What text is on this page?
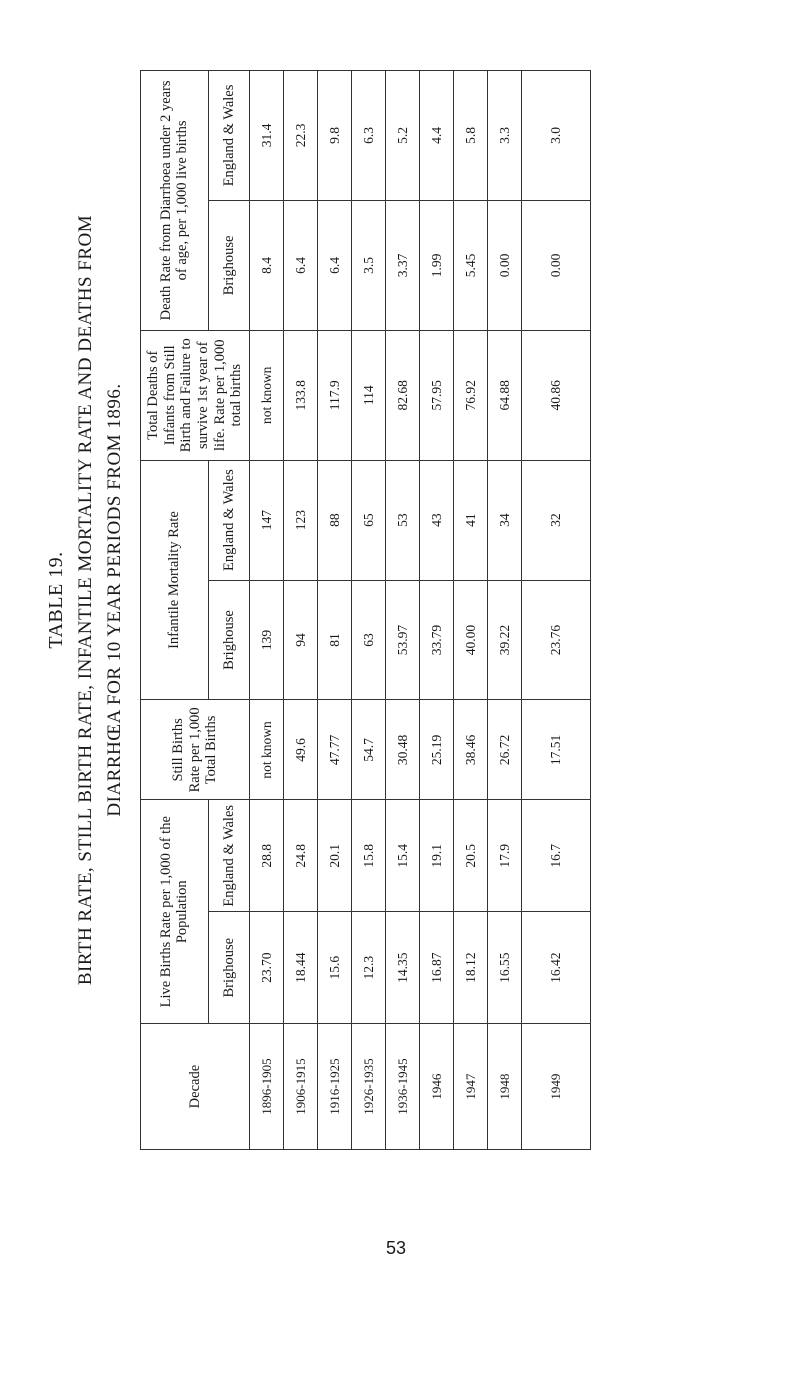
TABLE 19. BIRTH RATE, STILL BIRTH RATE, INFANTILE MORTALITY RATE AND DEATHS FROM DIARRHŒA FOR 10 YEAR PERIODS FROM 1896.
Decade	Live Births Rate per 1,000 of the Population		Still Births Rate per 1,000 Total Births	Infantile Mortality Rate		Total Deaths of Infants from Still Birth and Failure to survive 1st year of life. Rate per 1,000 total births	Death Rate from Diarrhoea under 2 years of age, per 1,000 live births	
	Brighouse	England & Wales		Brighouse	England & Wales		Brighouse	England & Wales
1896-1905	23.70	28.8	not known	139	147	not known	8.4	31.4
1906-1915	18.44	24.8	49.6	94	123	133.8	6.4	22.3
1916-1925	15.6	20.1	47.77	81	88	117.9	6.4	9.8
1926-1935	12.3	15.8	54.7	63	65	114	3.5	6.3
1936-1945	14.35	15.4	30.48	53.97	53	82.68	3.37	5.2
1946	16.87	19.1	25.19	33.79	43	57.95	1.99	4.4
1947	18.12	20.5	38.46	40.00	41	76.92	5.45	5.8
1948	16.55	17.9	26.72	39.22	34	64.88	0.00	3.3
1949	16.42	16.7	17.51	23.76	32	40.86	0.00	3.0
53
